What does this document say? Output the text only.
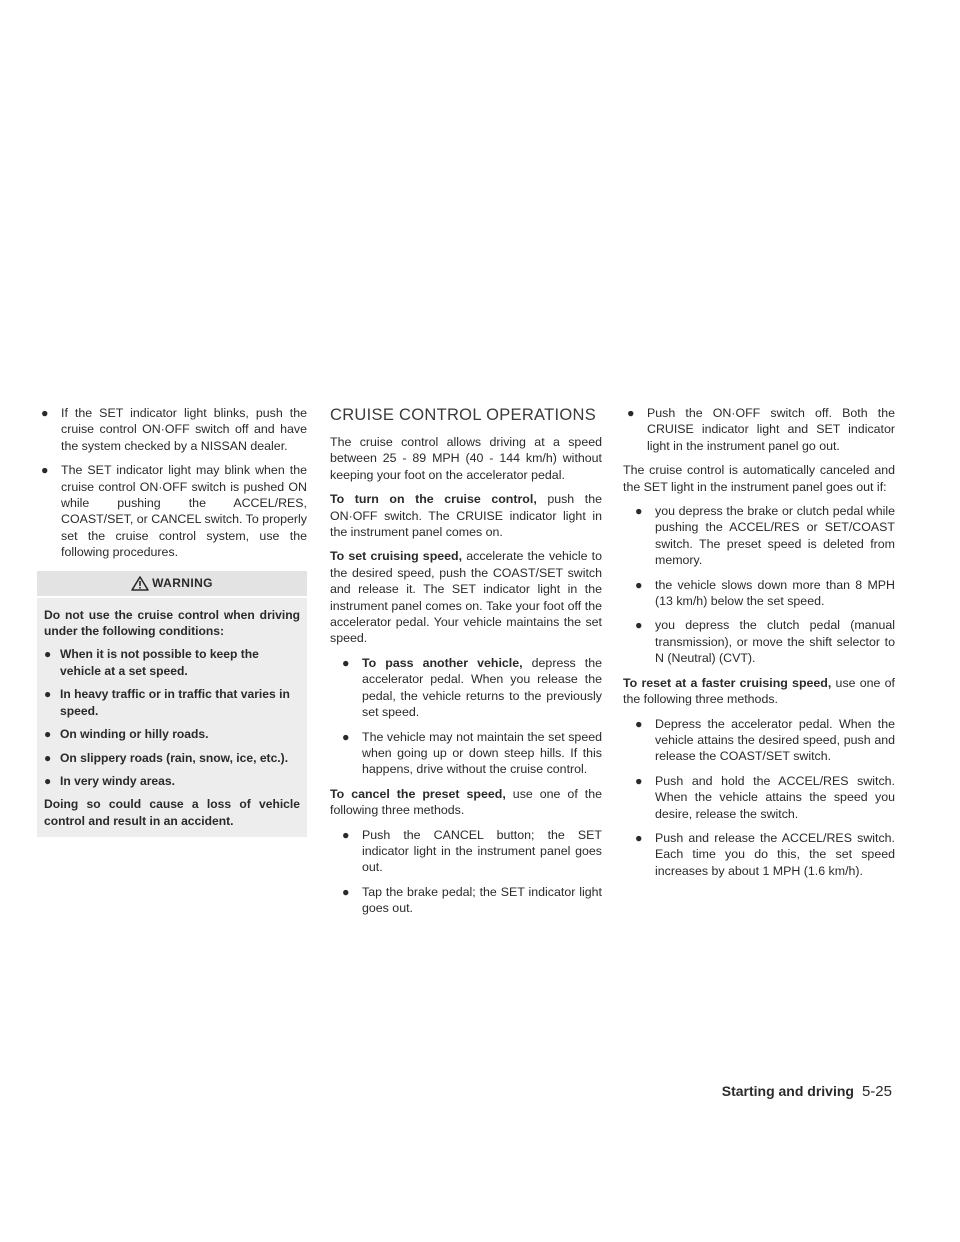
● If the SET indicator light blinks, push the cruise control ON·OFF switch off and have the system checked by a NISSAN dealer.
● The SET indicator light may blink when the cruise control ON·OFF switch is pushed ON while pushing the ACCEL/RES, COAST/SET, or CANCEL switch. To properly set the cruise control system, use the following procedures.
WARNING

Do not use the cruise control when driving under the following conditions:

● When it is not possible to keep the vehicle at a set speed.
● In heavy traffic or in traffic that varies in speed.
● On winding or hilly roads.
● On slippery roads (rain, snow, ice, etc.).
● In very windy areas.

Doing so could cause a loss of vehicle control and result in an accident.

CRUISE CONTROL OPERATIONS

The cruise control allows driving at a speed between 25 - 89 MPH (40 - 144 km/h) without keeping your foot on the accelerator pedal.

To turn on the cruise control, push the ON·OFF switch. The CRUISE indicator light in the instrument panel comes on.

To set cruising speed, accelerate the vehicle to the desired speed, push the COAST/SET switch and release it. The SET indicator light in the instrument panel comes on. Take your foot off the accelerator pedal. Your vehicle maintains the set speed.

● To pass another vehicle, depress the accelerator pedal. When you release the pedal, the vehicle returns to the previously set speed.
● The vehicle may not maintain the set speed when going up or down steep hills. If this happens, drive without the cruise control.

To cancel the preset speed, use one of the following three methods.

● Push the CANCEL button; the SET indicator light in the instrument panel goes out.
● Tap the brake pedal; the SET indicator light goes out.
● Push the ON·OFF switch off. Both the CRUISE indicator light and SET indicator light in the instrument panel go out.

The cruise control is automatically canceled and the SET light in the instrument panel goes out if:

● you depress the brake or clutch pedal while pushing the ACCEL/RES or SET/COAST switch. The preset speed is deleted from memory.
● the vehicle slows down more than 8 MPH (13 km/h) below the set speed.
● you depress the clutch pedal (manual transmission), or move the shift selector to N (Neutral) (CVT).

To reset at a faster cruising speed, use one of the following three methods.

● Depress the accelerator pedal. When the vehicle attains the desired speed, push and release the COAST/SET switch.
● Push and hold the ACCEL/RES switch. When the vehicle attains the speed you desire, release the switch.
● Push and release the ACCEL/RES switch. Each time you do this, the set speed increases by about 1 MPH (1.6 km/h).
Starting and driving 5-25
